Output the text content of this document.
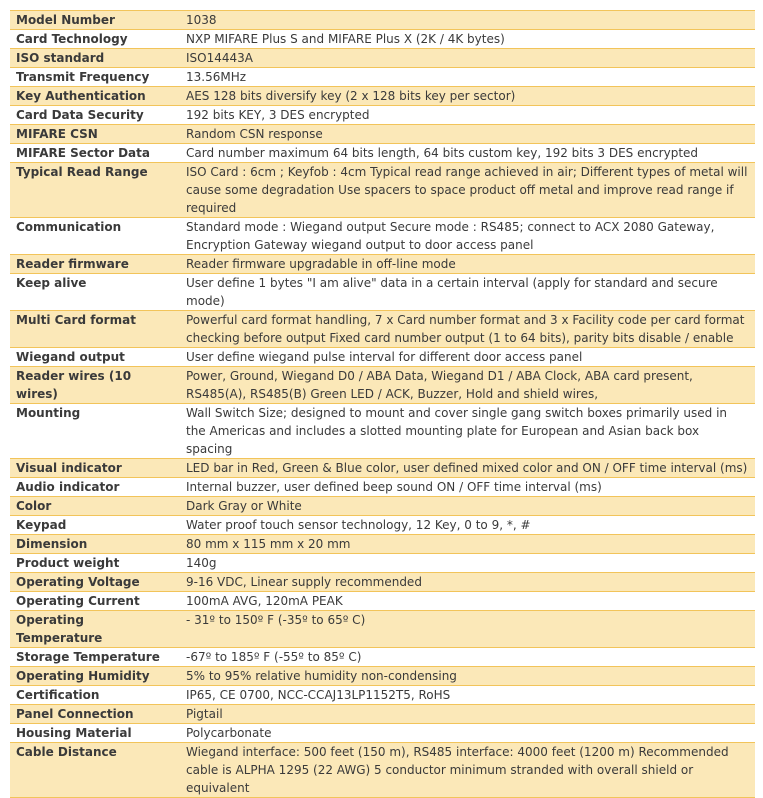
Model Number	1038
Card Technology	NXP MIFARE Plus S and MIFARE Plus X (2K / 4K bytes)
ISO standard	ISO14443A
Transmit Frequency	13.56MHz
Key Authentication	AES 128 bits diversify key (2 x 128 bits key per sector)
Card Data Security	192 bits KEY, 3 DES encrypted
MIFARE CSN	Random CSN response
MIFARE Sector Data	Card number maximum 64 bits length, 64 bits custom key, 192 bits 3 DES encrypted
Typical Read Range	ISO Card : 6cm ; Keyfob : 4cm Typical read range achieved in air; Different types of metal will cause some degradation Use spacers to space product off metal and improve read range if required
Communication	Standard mode : Wiegand output Secure mode : RS485; connect to ACX 2080 Gateway, Encryption Gateway wiegand output to door access panel
Reader firmware	Reader firmware upgradable in off-line mode
Keep alive	User define 1 bytes "I am alive" data in a certain interval (apply for standard and secure mode)
Multi Card format	Powerful card format handling, 7 x Card number format and 3 x Facility code per card format checking before output Fixed card number output (1 to 64 bits), parity bits disable / enable
Wiegand output	User define wiegand pulse interval for different door access panel
Reader wires (10 wires)	Power, Ground, Wiegand D0 / ABA Data, Wiegand D1 / ABA Clock, ABA card present, RS485(A), RS485(B) Green LED / ACK, Buzzer, Hold and shield wires,
Mounting	Wall Switch Size; designed to mount and cover single gang switch boxes primarily used in the Americas and includes a slotted mounting plate for European and Asian back box spacing
Visual indicator	LED bar in Red, Green & Blue color, user defined mixed color and ON / OFF time interval (ms)
Audio indicator	Internal buzzer, user defined beep sound ON / OFF time interval (ms)
Color	Dark Gray or White
Keypad	Water proof touch sensor technology, 12 Key, 0 to 9, *, #
Dimension	80 mm x 115 mm x 20 mm
Product weight	140g
Operating Voltage	9-16 VDC, Linear supply recommended
Operating Current	100mA AVG, 120mA PEAK
Operating Temperature	- 31º to 150º F (-35º to 65º C)
Storage Temperature	-67º to 185º F (-55º to 85º C)
Operating Humidity	5% to 95% relative humidity non-condensing
Certification	IP65, CE 0700, NCC-CCAJ13LP1152T5, RoHS
Panel Connection	Pigtail
Housing Material	Polycarbonate
Cable Distance	Wiegand interface: 500 feet (150 m), RS485 interface: 4000 feet (1200 m) Recommended cable is ALPHA 1295 (22 AWG) 5 conductor minimum stranded with overall shield or equivalent
